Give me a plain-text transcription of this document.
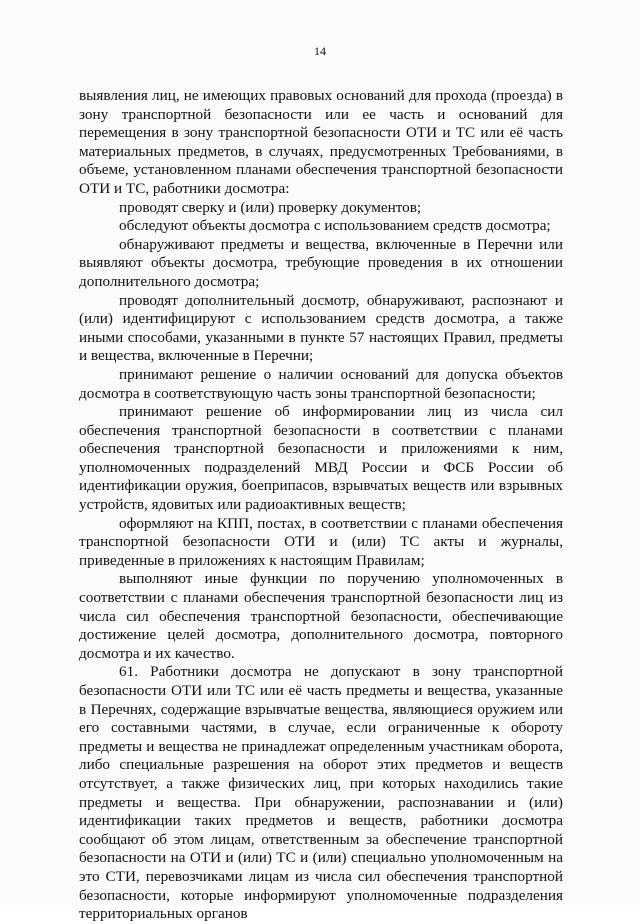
14

выявления лиц, не имеющих правовых оснований для прохода (проезда) в зону транспортной безопасности или ее часть и оснований для перемещения в зону транспортной безопасности ОТИ и ТС или её часть материальных предметов, в случаях, предусмотренных Требованиями, в объеме, установленном планами обеспечения транспортной безопасности ОТИ и ТС, работники досмотра:

проводят сверку и (или) проверку документов;

обследуют объекты досмотра с использованием средств досмотра;

обнаруживают предметы и вещества, включенные в Перечни или выявляют объекты досмотра, требующие проведения в их отношении дополнительного досмотра;

проводят дополнительный досмотр, обнаруживают, распознают и (или) идентифицируют с использованием средств досмотра, а также иными способами, указанными в пункте 57 настоящих Правил, предметы и вещества, включенные в Перечни;

принимают решение о наличии оснований для допуска объектов досмотра в соответствующую часть зоны транспортной безопасности;

принимают решение об информировании лиц из числа сил обеспечения транспортной безопасности в соответствии с планами обеспечения транспортной безопасности и приложениями к ним, уполномоченных подразделений МВД России и ФСБ России об идентификации оружия, боеприпасов, взрывчатых веществ или взрывных устройств, ядовитых или радиоактивных веществ;

оформляют на КПП, постах, в соответствии с планами обеспечения транспортной безопасности ОТИ и (или) ТС акты и журналы, приведенные в приложениях к настоящим Правилам;

выполняют иные функции по поручению уполномоченных в соответствии с планами обеспечения транспортной безопасности лиц из числа сил обеспечения транспортной безопасности, обеспечивающие достижение целей досмотра, дополнительного досмотра, повторного досмотра и их качество.

61. Работники досмотра не допускают в зону транспортной безопасности ОТИ или ТС или её часть предметы и вещества, указанные в Перечнях, содержащие взрывчатые вещества, являющиеся оружием или его составными частями, в случае, если ограниченные к обороту предметы и вещества не принадлежат определенным участникам оборота, либо специальные разрешения на оборот этих предметов и веществ отсутствует, а также физических лиц, при которых находились такие предметы и вещества. При обнаружении, распознавании и (или) идентификации таких предметов и веществ, работники досмотра сообщают об этом лицам, ответственным за обеспечение транспортной безопасности на ОТИ и (или) ТС и (или) специально уполномоченным на это СТИ, перевозчиками лицам из числа сил обеспечения транспортной безопасности, которые информируют уполномоченные подразделения территориальных органов
